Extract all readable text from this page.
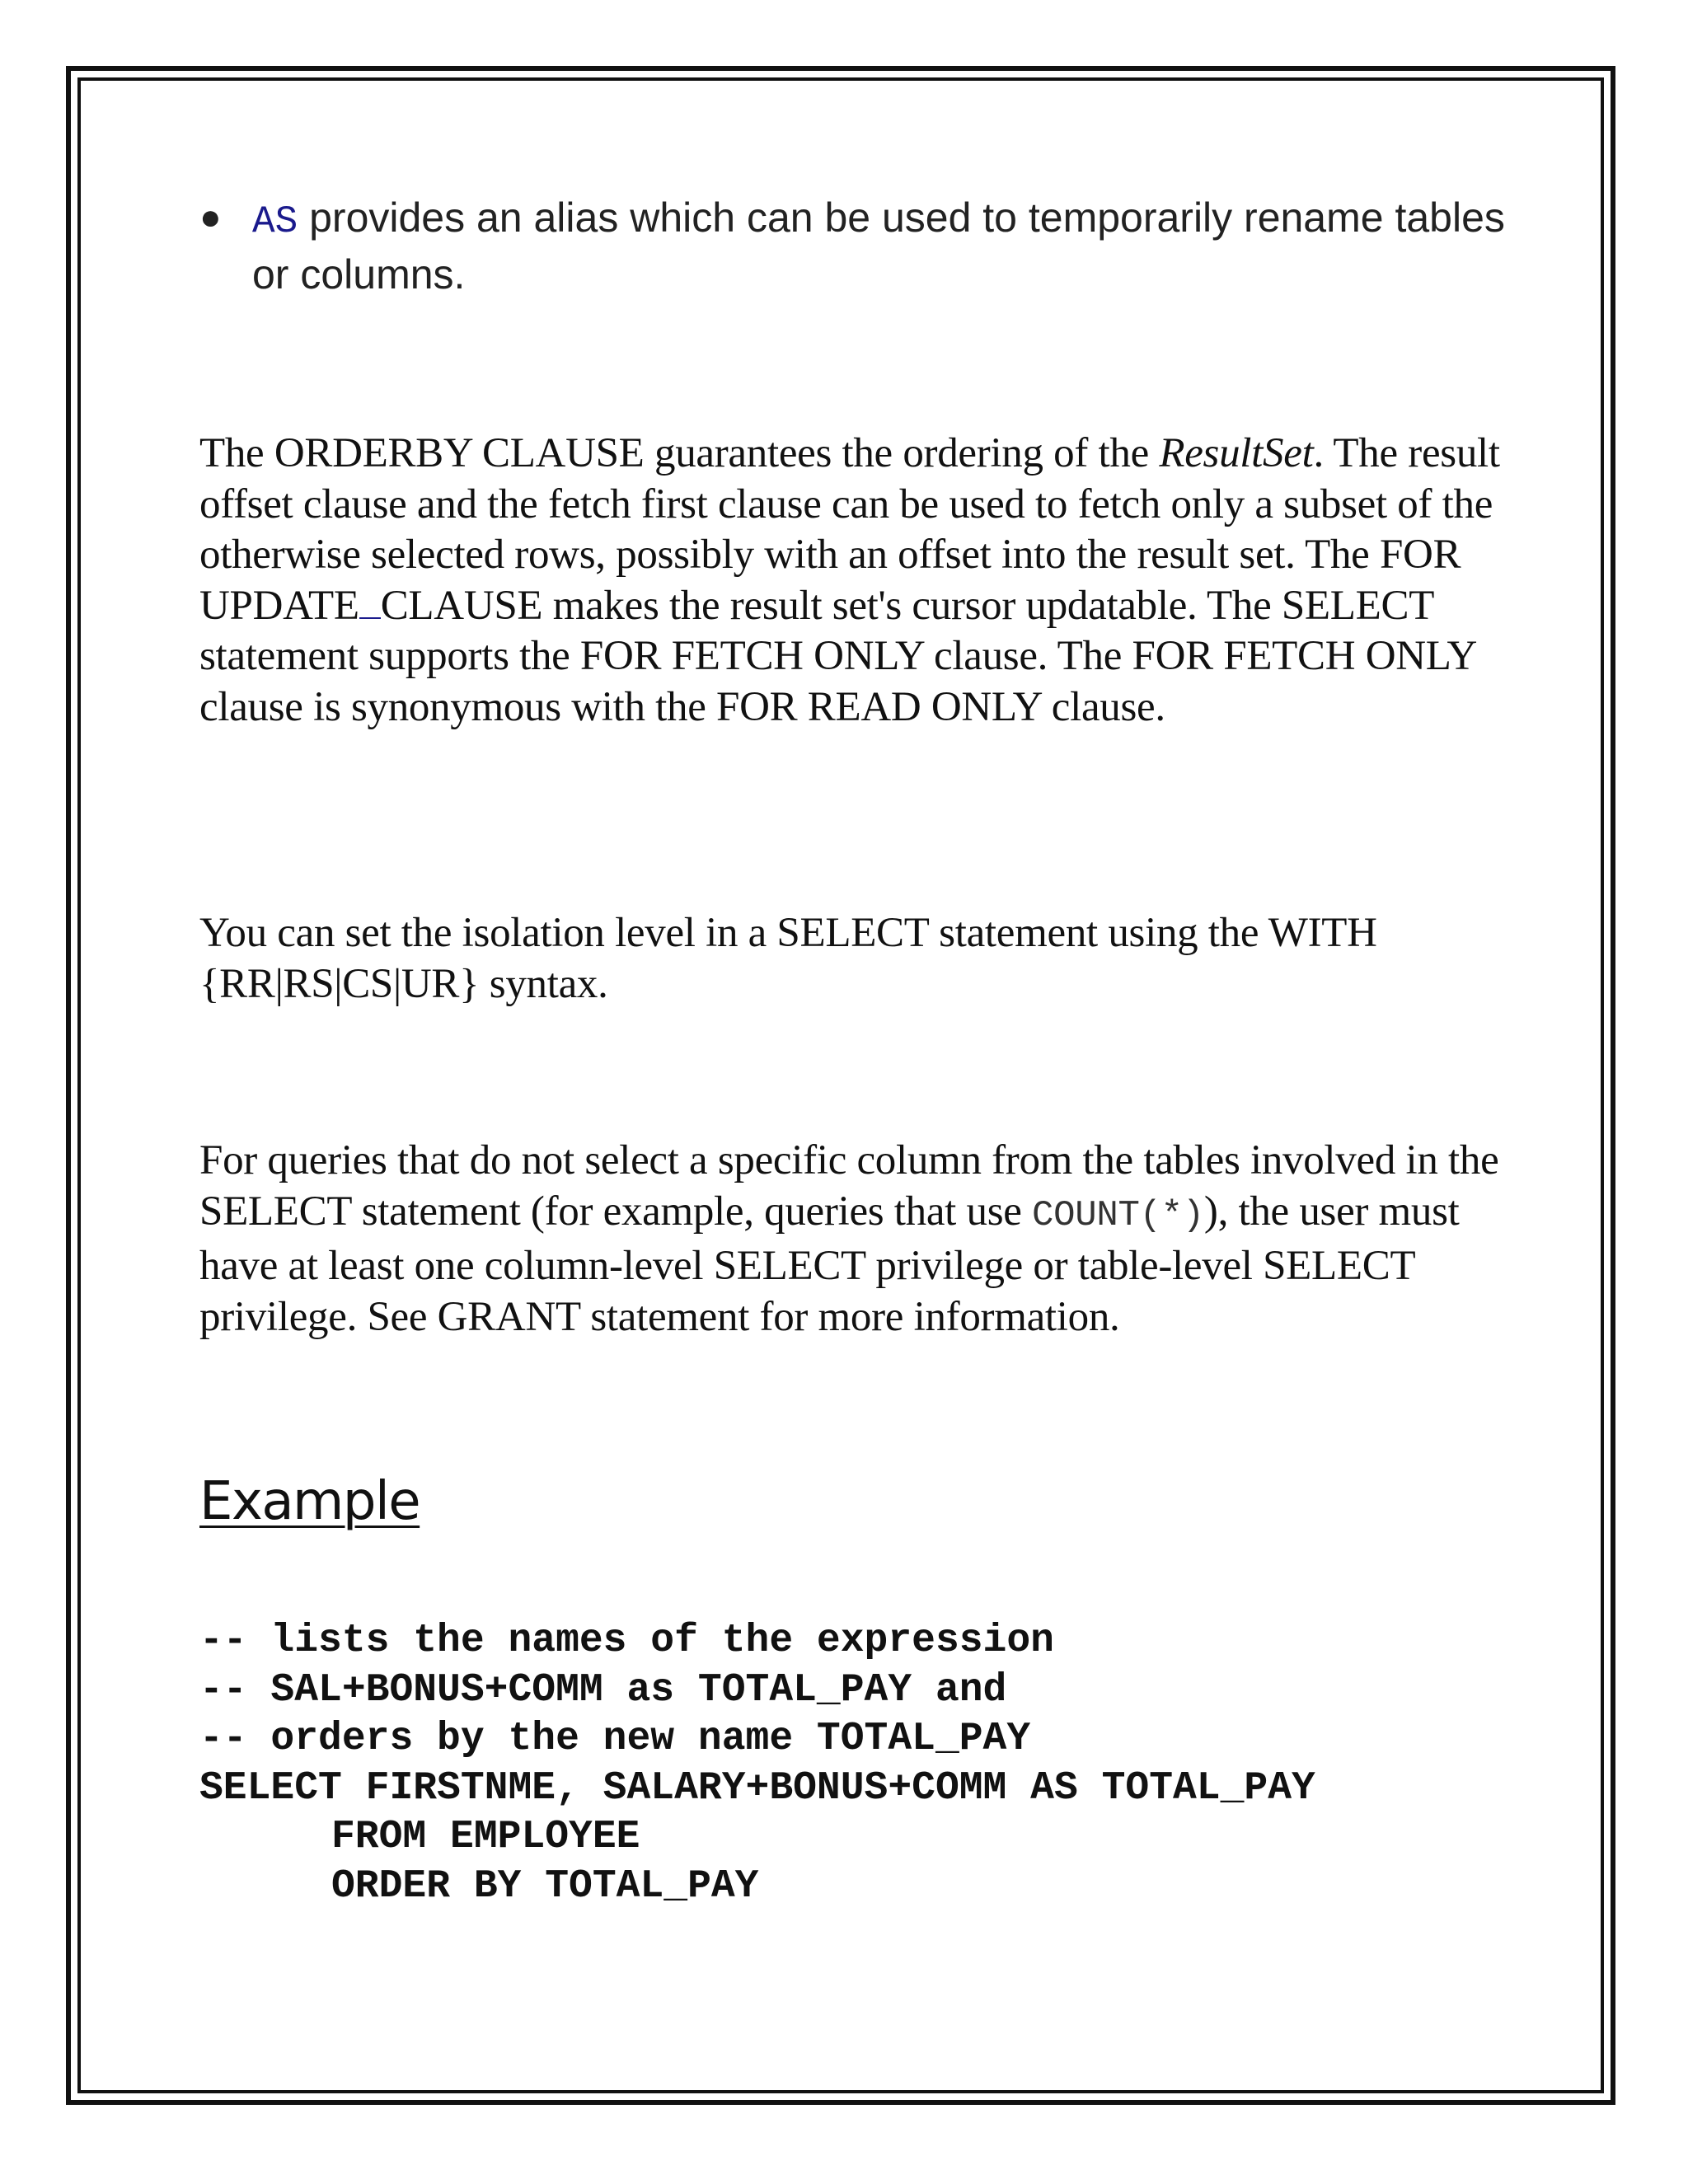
● AS provides an alias which can be used to temporarily rename tables or columns.
The ORDERBY CLAUSE guarantees the ordering of the ResultSet. The result offset clause and the fetch first clause can be used to fetch only a subset of the otherwise selected rows, possibly with an offset into the result set. The FOR UPDATE CLAUSE makes the result set's cursor updatable. The SELECT statement supports the FOR FETCH ONLY clause. The FOR FETCH ONLY clause is synonymous with the FOR READ ONLY clause.
You can set the isolation level in a SELECT statement using the WITH {RR|RS|CS|UR} syntax.
For queries that do not select a specific column from the tables involved in the SELECT statement (for example, queries that use COUNT(*)), the user must have at least one column-level SELECT privilege or table-level SELECT privilege. See GRANT statement for more information.
Example
-- lists the names of the expression
-- SAL+BONUS+COMM as TOTAL_PAY and
-- orders by the new name TOTAL_PAY
SELECT FIRSTNME, SALARY+BONUS+COMM AS TOTAL_PAY
FROM EMPLOYEE
ORDER BY TOTAL_PAY
